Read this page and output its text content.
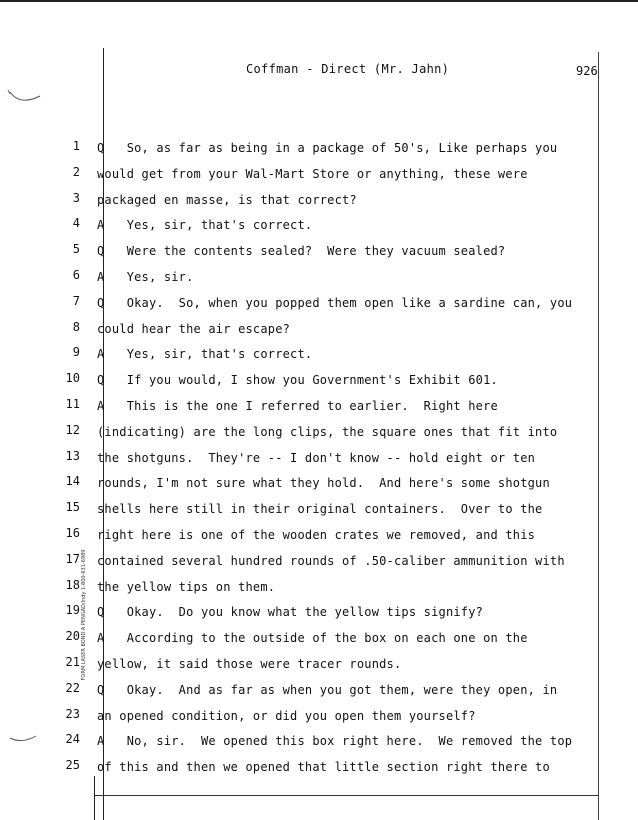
Coffman - Direct (Mr. Jahn)	926
FORM LASER BOND A PENGAD/Indy 1-800-631-6989
1 Q   So, as far as being in a package of 50's, Like perhaps you
2 would get from your Wal-Mart Store or anything, these were
3 packaged en masse, is that correct?
4 A   Yes, sir, that's correct.
5 Q   Were the contents sealed?  Were they vacuum sealed?
6 A   Yes, sir.
7 Q   Okay.  So, when you popped them open like a sardine can, you
8 could hear the air escape?
9 A   Yes, sir, that's correct.
10 Q   If you would, I show you Government's Exhibit 601.
11 A   This is the one I referred to earlier.  Right here
12 (indicating) are the long clips, the square ones that fit into
13 the shotguns.  They're -- I don't know -- hold eight or ten
14 rounds, I'm not sure what they hold.  And here's some shotgun
15 shells here still in their original containers.  Over to the
16 right here is one of the wooden crates we removed, and this
17 contained several hundred rounds of .50-caliber ammunition with
18 the yellow tips on them.
19 Q   Okay.  Do you know what the yellow tips signify?
20 A   According to the outside of the box on each one on the
21 yellow, it said those were tracer rounds.
22 Q   Okay.  And as far as when you got them, were they open, in
23 an opened condition, or did you open them yourself?
24 A   No, sir.  We opened this box right here.  We removed the top
25 of this and then we opened that little section right there to
